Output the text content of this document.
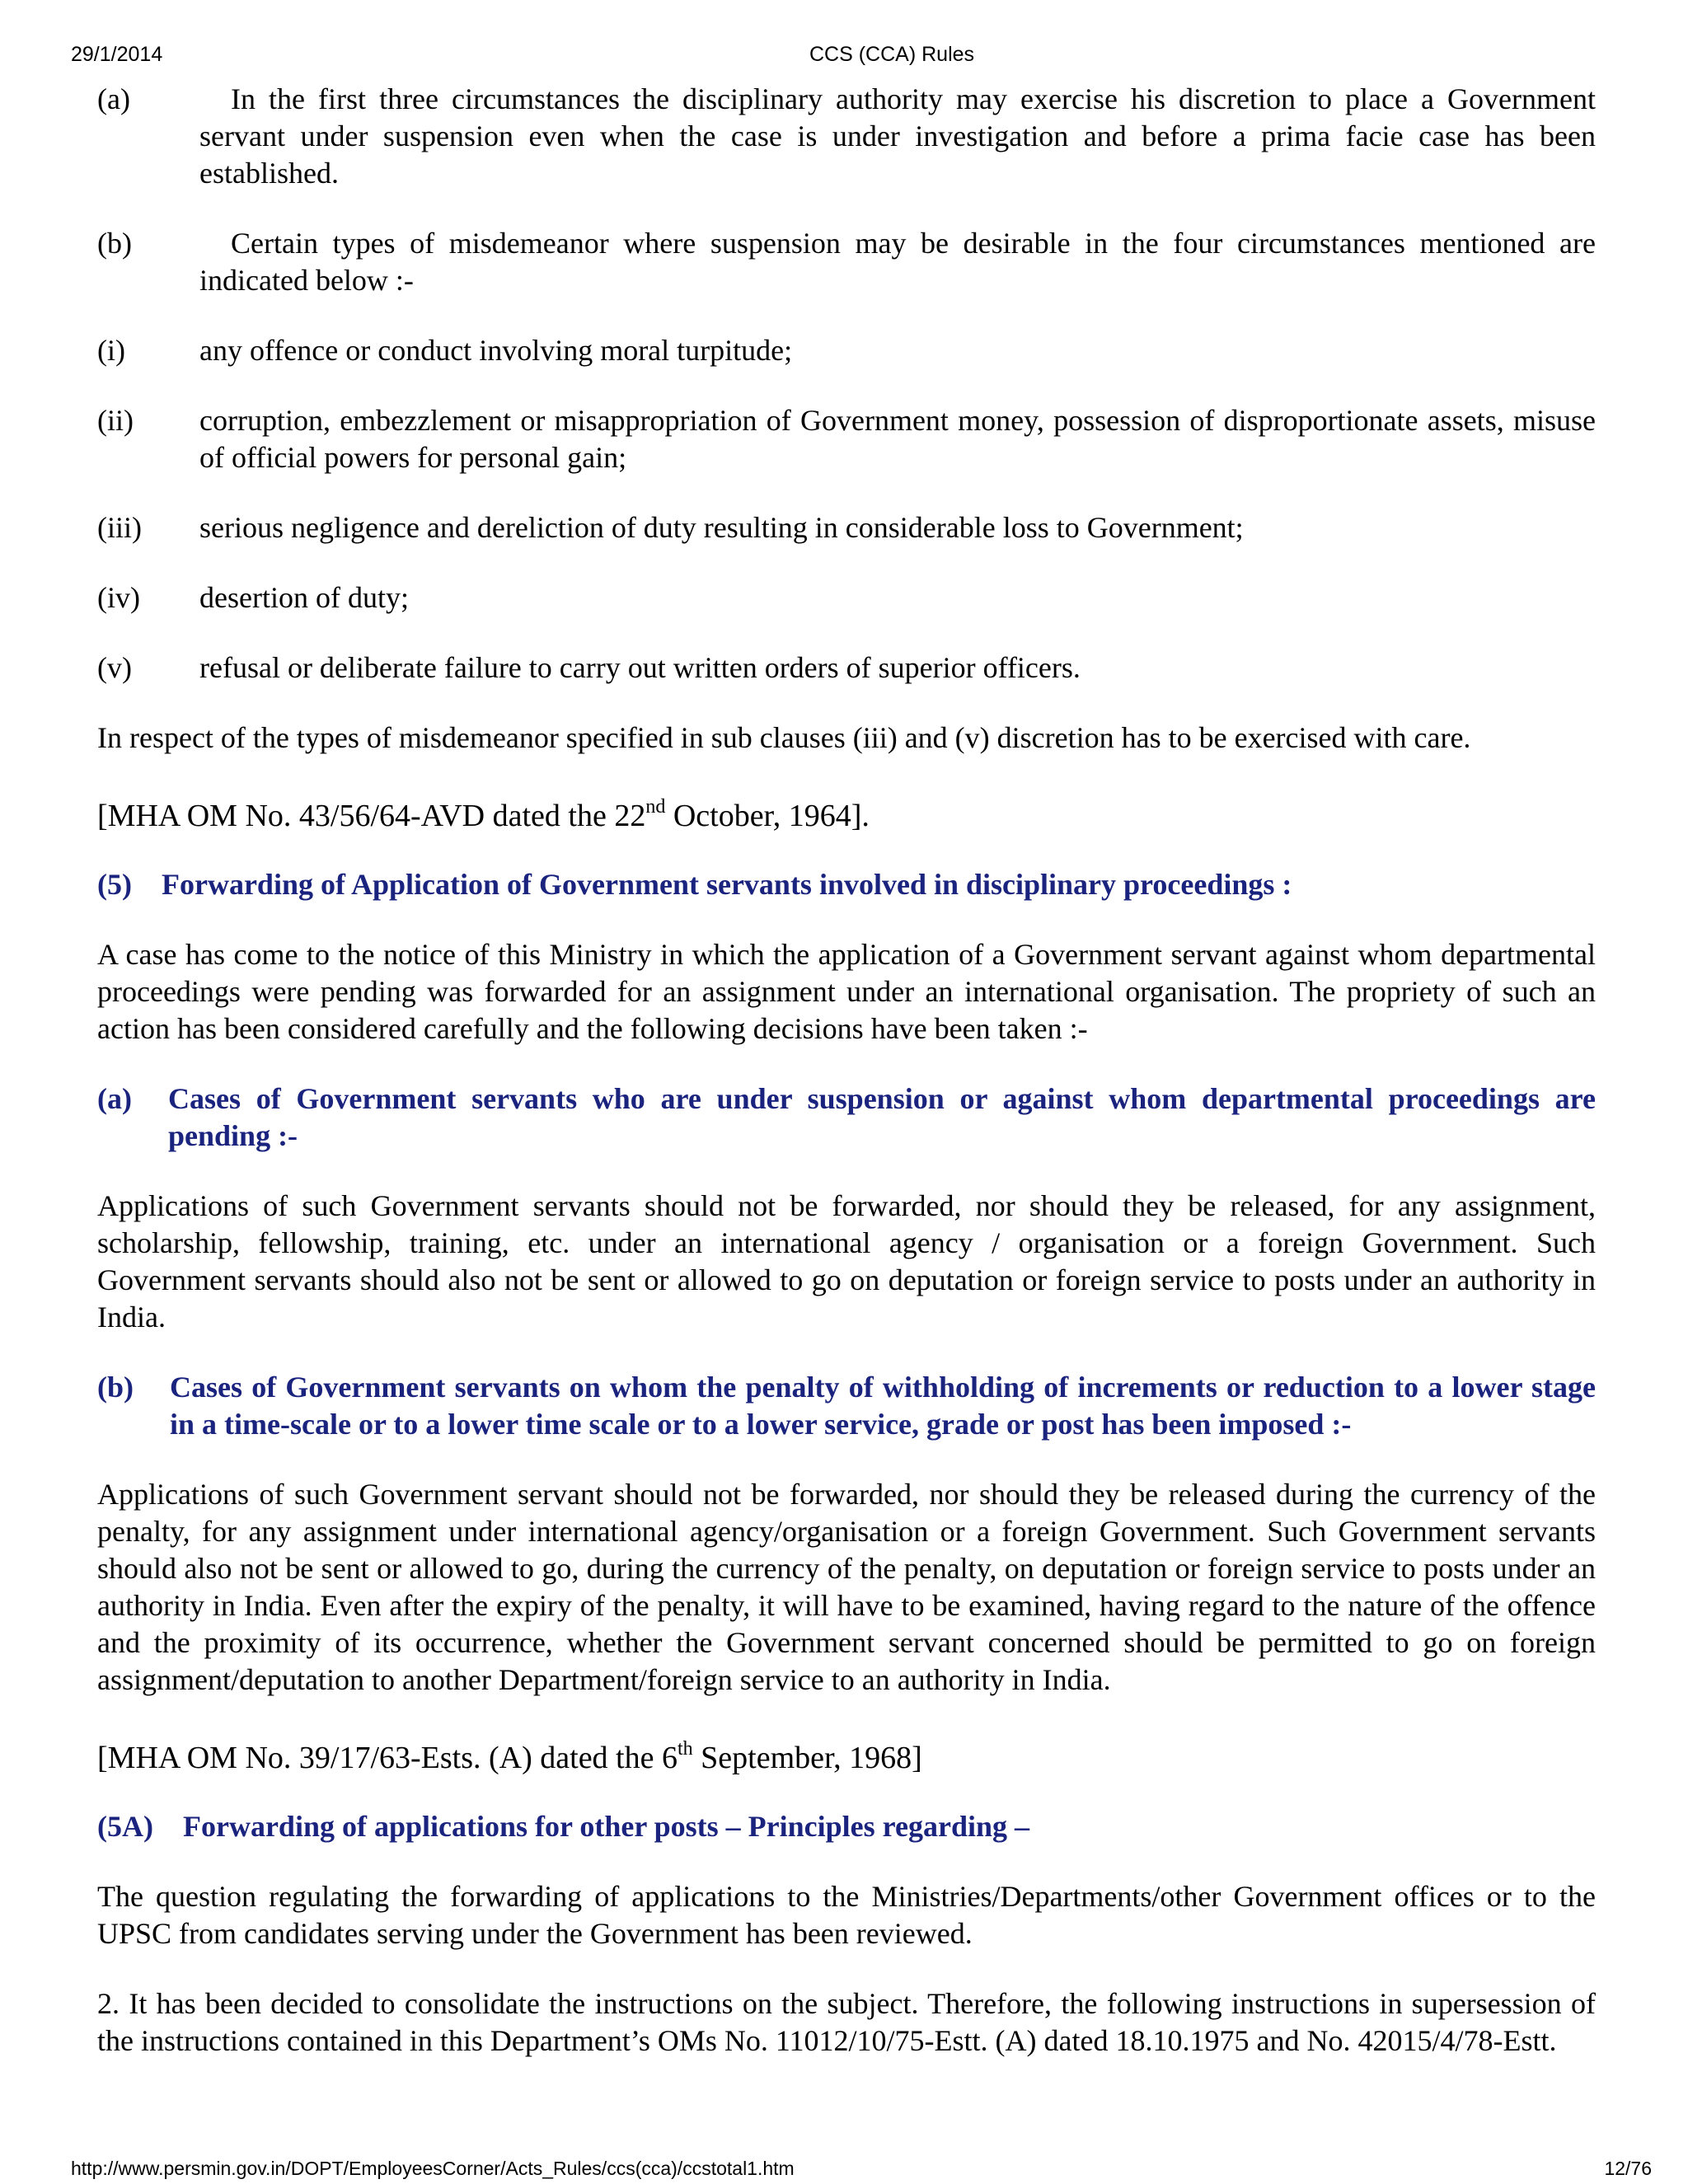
29/1/2014	CCS (CCA) Rules
(a)	In the first three circumstances the disciplinary authority may exercise his discretion to place a Government servant under suspension even when the case is under investigation and before a prima facie case has been established.
(b)	Certain types of misdemeanor where suspension may be desirable in the four circumstances mentioned are indicated below :-
(i)	any offence or conduct involving moral turpitude;
(ii) corruption, embezzlement or misappropriation of Government money, possession of disproportionate assets, misuse of official powers for personal gain;
(iii) serious negligence and dereliction of duty resulting in considerable loss to Government;
(iv) desertion of duty;
(v) refusal or deliberate failure to carry out written orders of superior officers.

In respect of the types of misdemeanor specified in sub clauses (iii) and (v) discretion has to be exercised with care.

[MHA OM No. 43/56/64-AVD dated the 22nd October, 1964].

(5) Forwarding of Application of Government servants involved in disciplinary proceedings :

A case has come to the notice of this Ministry in which the application of a Government servant against whom departmental proceedings were pending was forwarded for an assignment under an international organisation. The propriety of such an action has been considered carefully and the following decisions have been taken :-

(a) Cases of Government servants who are under suspension or against whom departmental proceedings are pending :-

Applications of such Government servants should not be forwarded, nor should they be released, for any assignment, scholarship, fellowship, training, etc. under an international agency / organisation or a foreign Government. Such Government servants should also not be sent or allowed to go on deputation or foreign service to posts under an authority in India.

(b) Cases of Government servants on whom the penalty of withholding of increments or reduction to a lower stage in a time-scale or to a lower time scale or to a lower service, grade or post has been imposed :-

Applications of such Government servant should not be forwarded, nor should they be released during the currency of the penalty, for any assignment under international agency/organisation or a foreign Government. Such Government servants should also not be sent or allowed to go, during the currency of the penalty, on deputation or foreign service to posts under an authority in India. Even after the expiry of the penalty, it will have to be examined, having regard to the nature of the offence and the proximity of its occurrence, whether the Government servant concerned should be permitted to go on foreign assignment/deputation to another Department/foreign service to an authority in India.

[MHA OM No. 39/17/63-Ests. (A) dated the 6th September, 1968]

(5A) Forwarding of applications for other posts – Principles regarding –

The question regulating the forwarding of applications to the Ministries/Departments/other Government offices or to the UPSC from candidates serving under the Government has been reviewed.

2. It has been decided to consolidate the instructions on the subject. Therefore, the following instructions in supersession of the instructions contained in this Department’s OMs No. 11012/10/75-Estt. (A) dated 18.10.1975 and No. 42015/4/78-Estt.

http://www.persmin.gov.in/DOPT/EmployeesCorner/Acts_Rules/ccs(cca)/ccstotal1.htm	12/76
